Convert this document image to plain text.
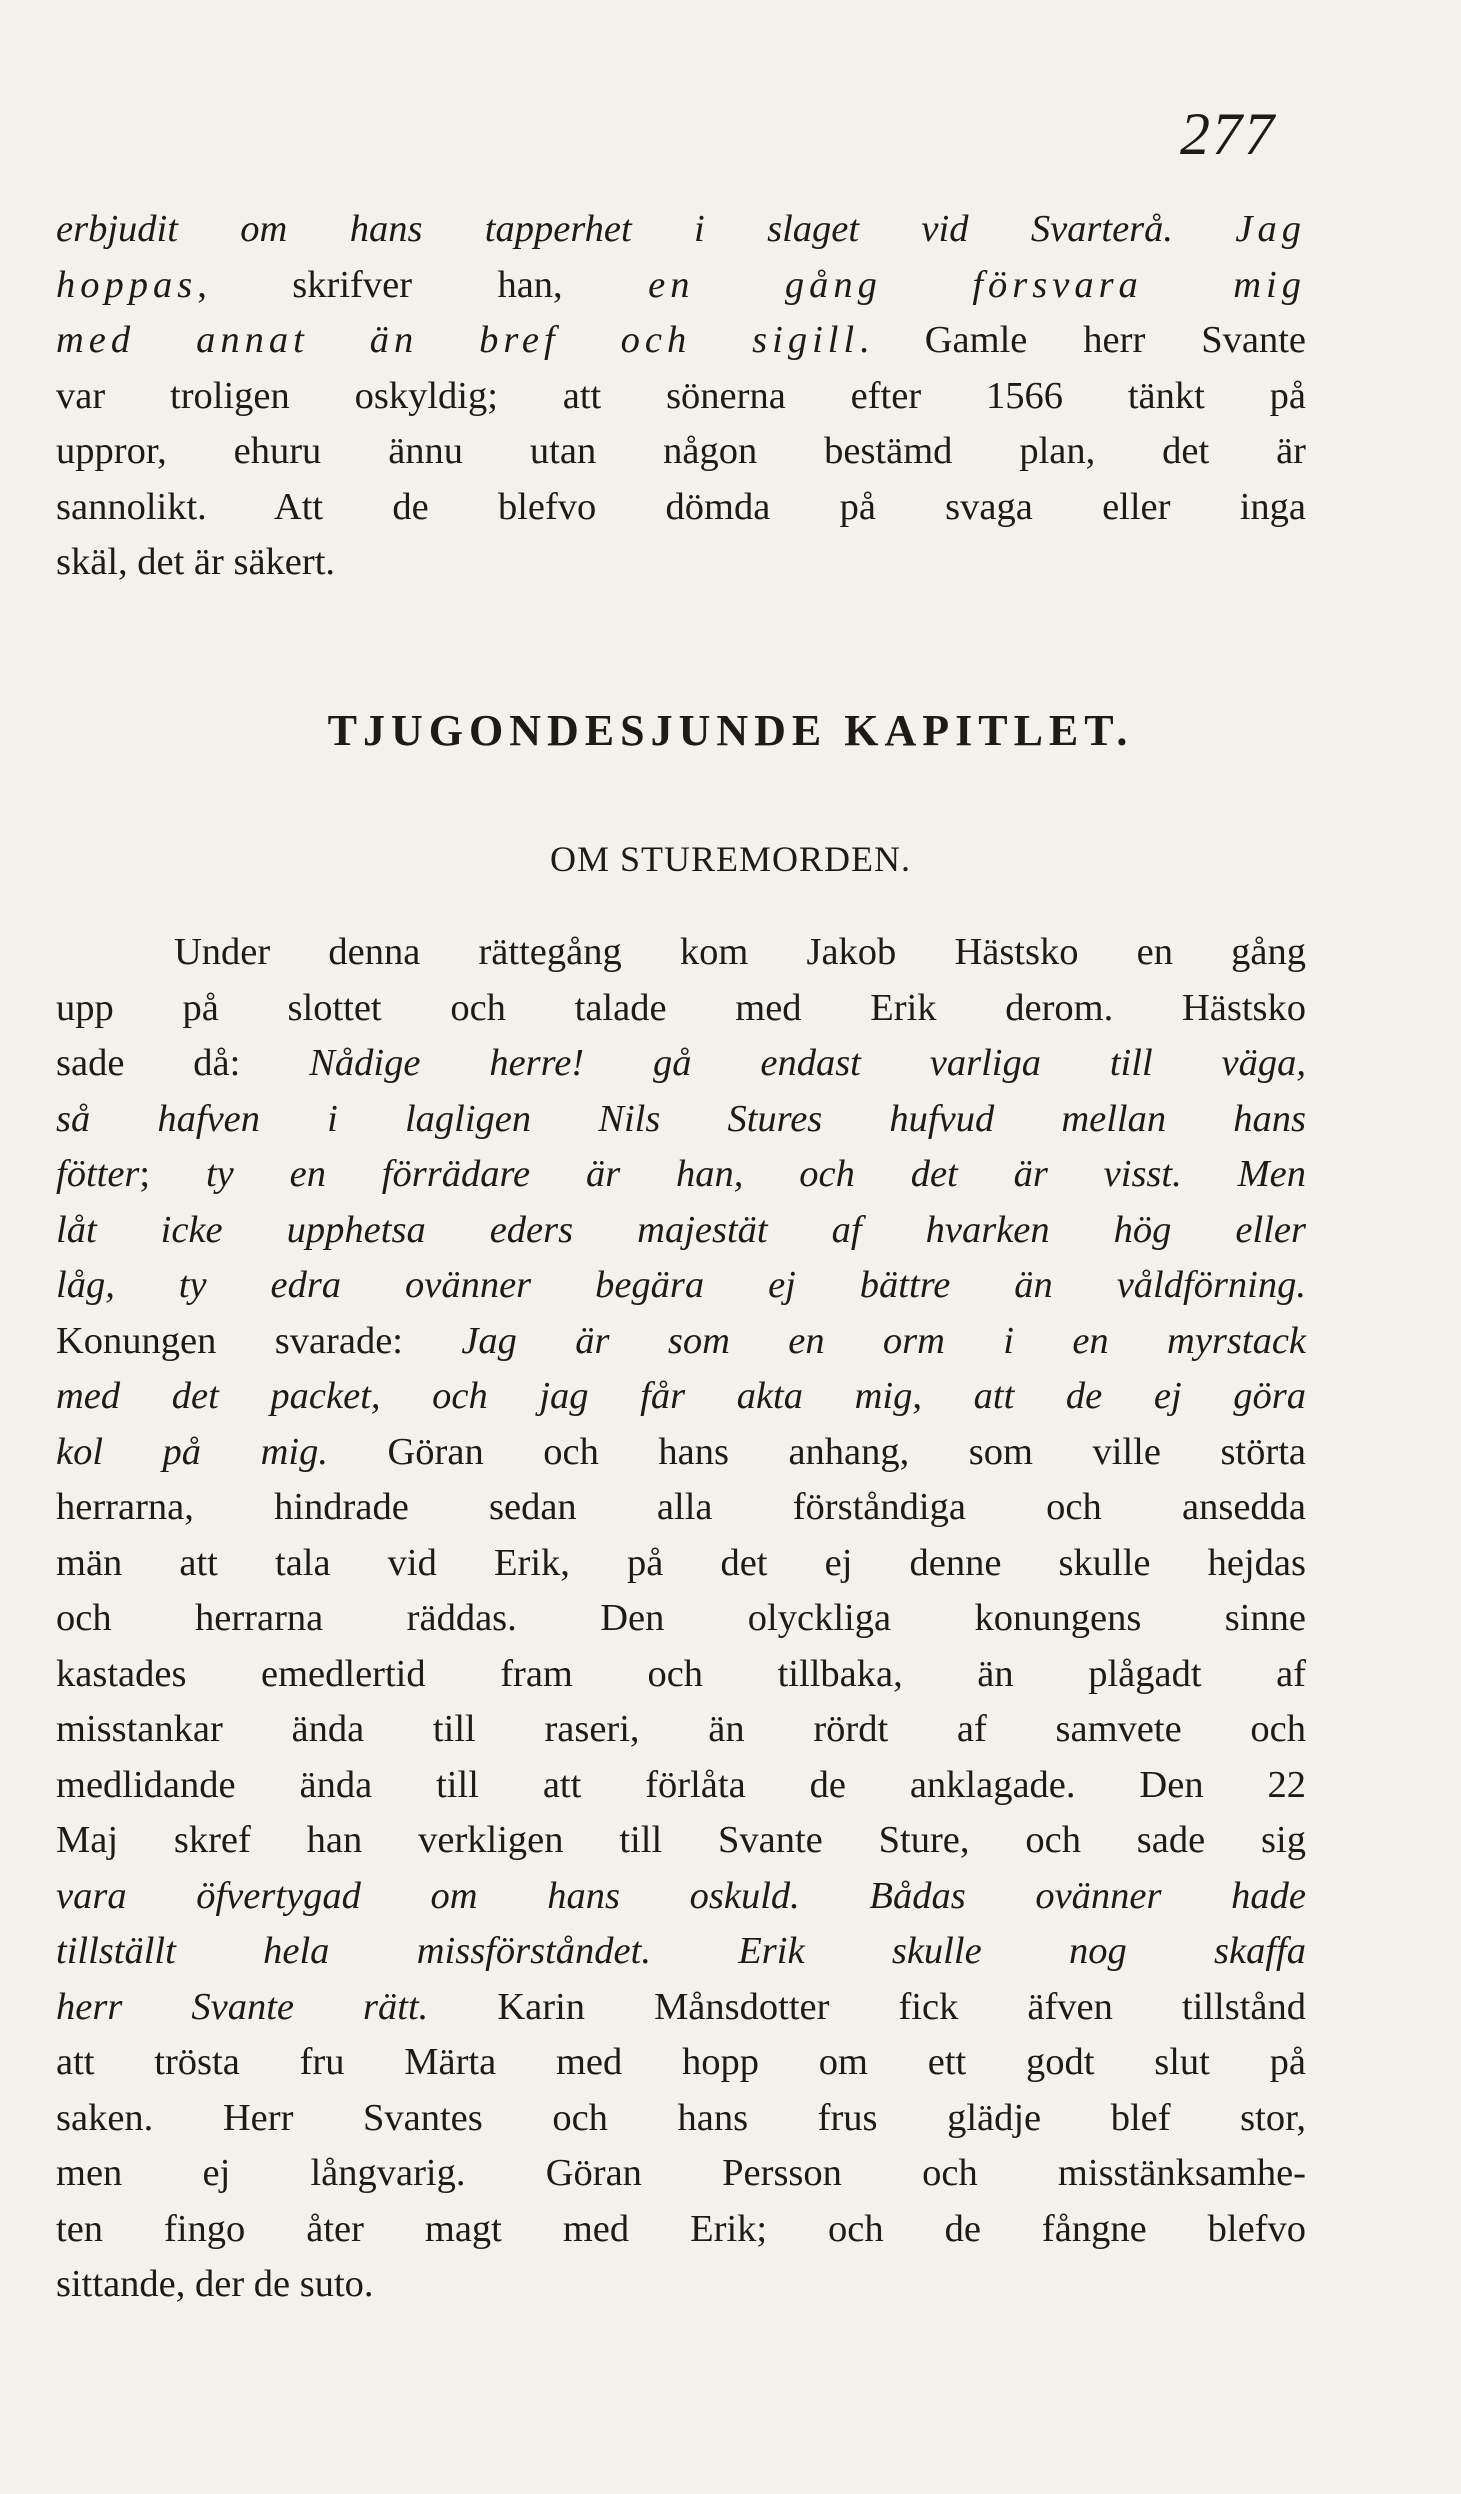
277
erbjudit om hans tapperhet i slaget vid Svarterå. Jag
hoppas, skrifver han, en gång försvara mig
med annat än bref och sigill. Gamle herr Svante
var troligen oskyldig; att sönerna efter 1566 tänkt på
uppror, ehuru ännu utan någon bestämd plan, det är
sannolikt. Att de blefvo dömda på svaga eller inga
skäl, det är säkert.
TJUGONDESJUNDE KAPITLET.
OM STUREMORDEN.
Under denna rättegång kom Jakob Hästsko en gång
upp på slottet och talade med Erik derom. Hästsko
sade då: Nådige herre! gå endast varliga till väga,
så hafven i lagligen Nils Stures hufvud mellan hans
fötter; ty en förrädare är han, och det är visst. Men
låt icke upphetsa eders majestät af hvarken hög eller
låg, ty edra ovänner begära ej bättre än våldförning.
Konungen svarade: Jag är som en orm i en myrstack
med det packet, och jag får akta mig, att de ej göra
kol på mig. Göran och hans anhang, som ville störta
herrarna, hindrade sedan alla förståndiga och ansedda
män att tala vid Erik, på det ej denne skulle hejdas
och herrarna räddas. Den olyckliga konungens sinne
kastades emedlertid fram och tillbaka, än plågadt af
misstankar ända till raseri, än rördt af samvete och
medlidande ända till att förlåta de anklagade. Den 22
Maj skref han verkligen till Svante Sture, och sade sig
vara öfvertygad om hans oskuld. Bådas ovänner hade
tillställt hela missförståndet. Erik skulle nog skaffa
herr Svante rätt. Karin Månsdotter fick äfven tillstånd
att trösta fru Märta med hopp om ett godt slut på
saken. Herr Svantes och hans frus glädje blef stor,
men ej långvarig. Göran Persson och misstänksamhe-
ten fingo åter magt med Erik; och de fångne blefvo
sittande, der de suto.
